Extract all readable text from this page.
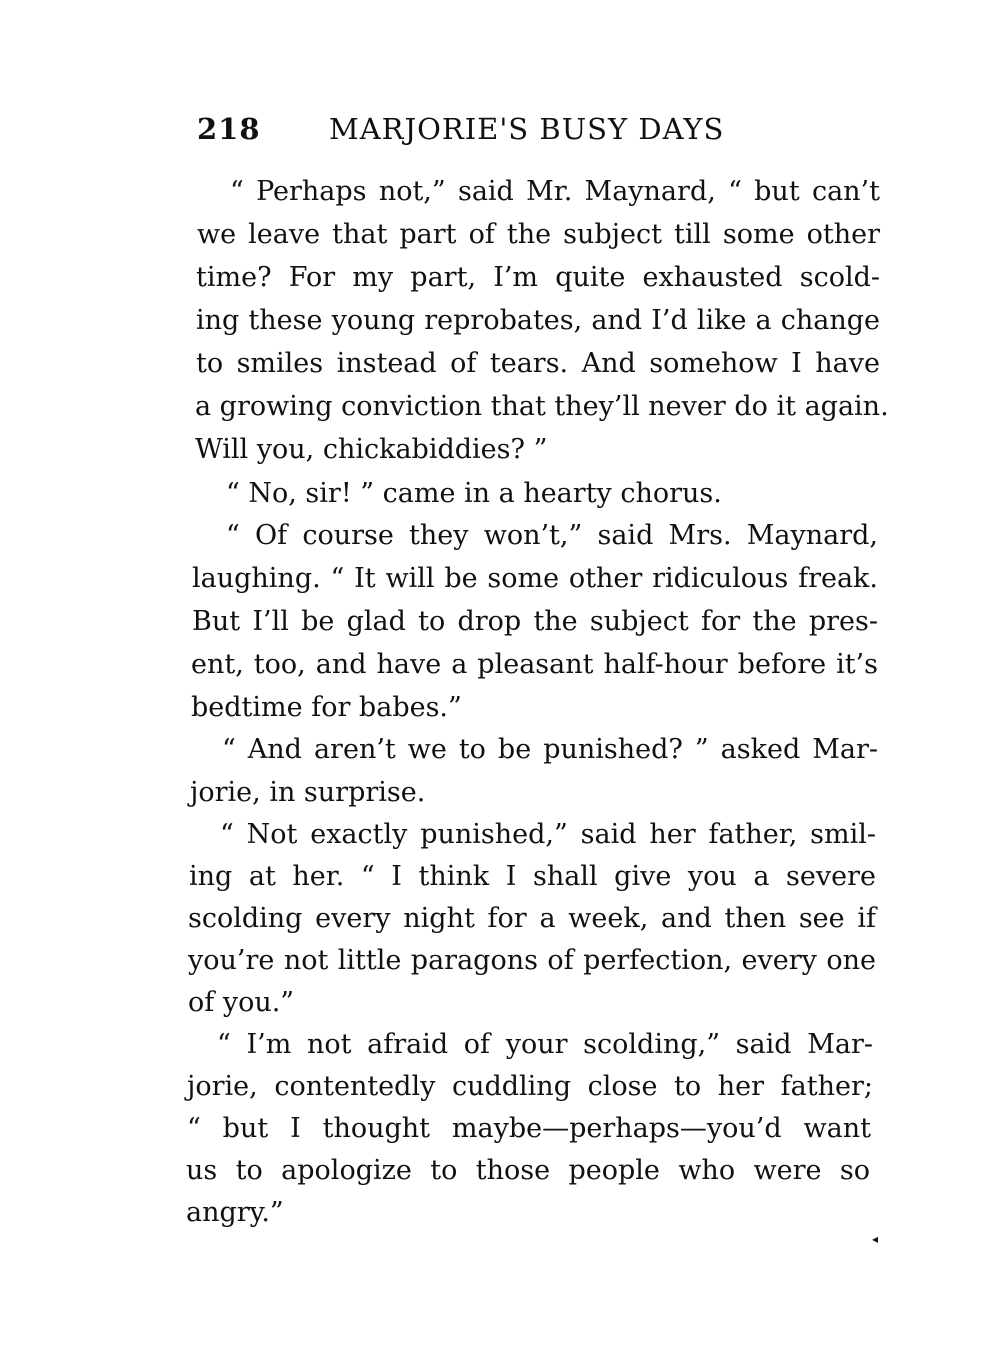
218 MARJORIE'S BUSY DAYS
“ Perhaps not,” said Mr. Maynard, “ but can’t
we leave that part of the subject till some other
time? For my part, I’m quite exhausted scold-
ing these young reprobates, and I’d like a change
to smiles instead of tears. And somehow I have
a growing conviction that they’ll never do it again.
Will you, chickabiddies? ”
“ No, sir! ” came in a hearty chorus.
“ Of course they won’t,” said Mrs. Maynard,
laughing. “ It will be some other ridiculous freak.
But I’ll be glad to drop the subject for the pres-
ent, too, and have a pleasant half-hour before it’s
bedtime for babes.”
“ And aren’t we to be punished? ” asked Mar-
jorie, in surprise.
“ Not exactly punished,” said her father, smil-
ing at her. “ I think I shall give you a severe
scolding every night for a week, and then see if
you’re not little paragons of perfection, every one
of you.”
“ I’m not afraid of your scolding,” said Mar-
jorie, contentedly cuddling close to her father;
“ but I thought maybe—perhaps—you’d want
us to apologize to those people who were so
angry.”
◂
